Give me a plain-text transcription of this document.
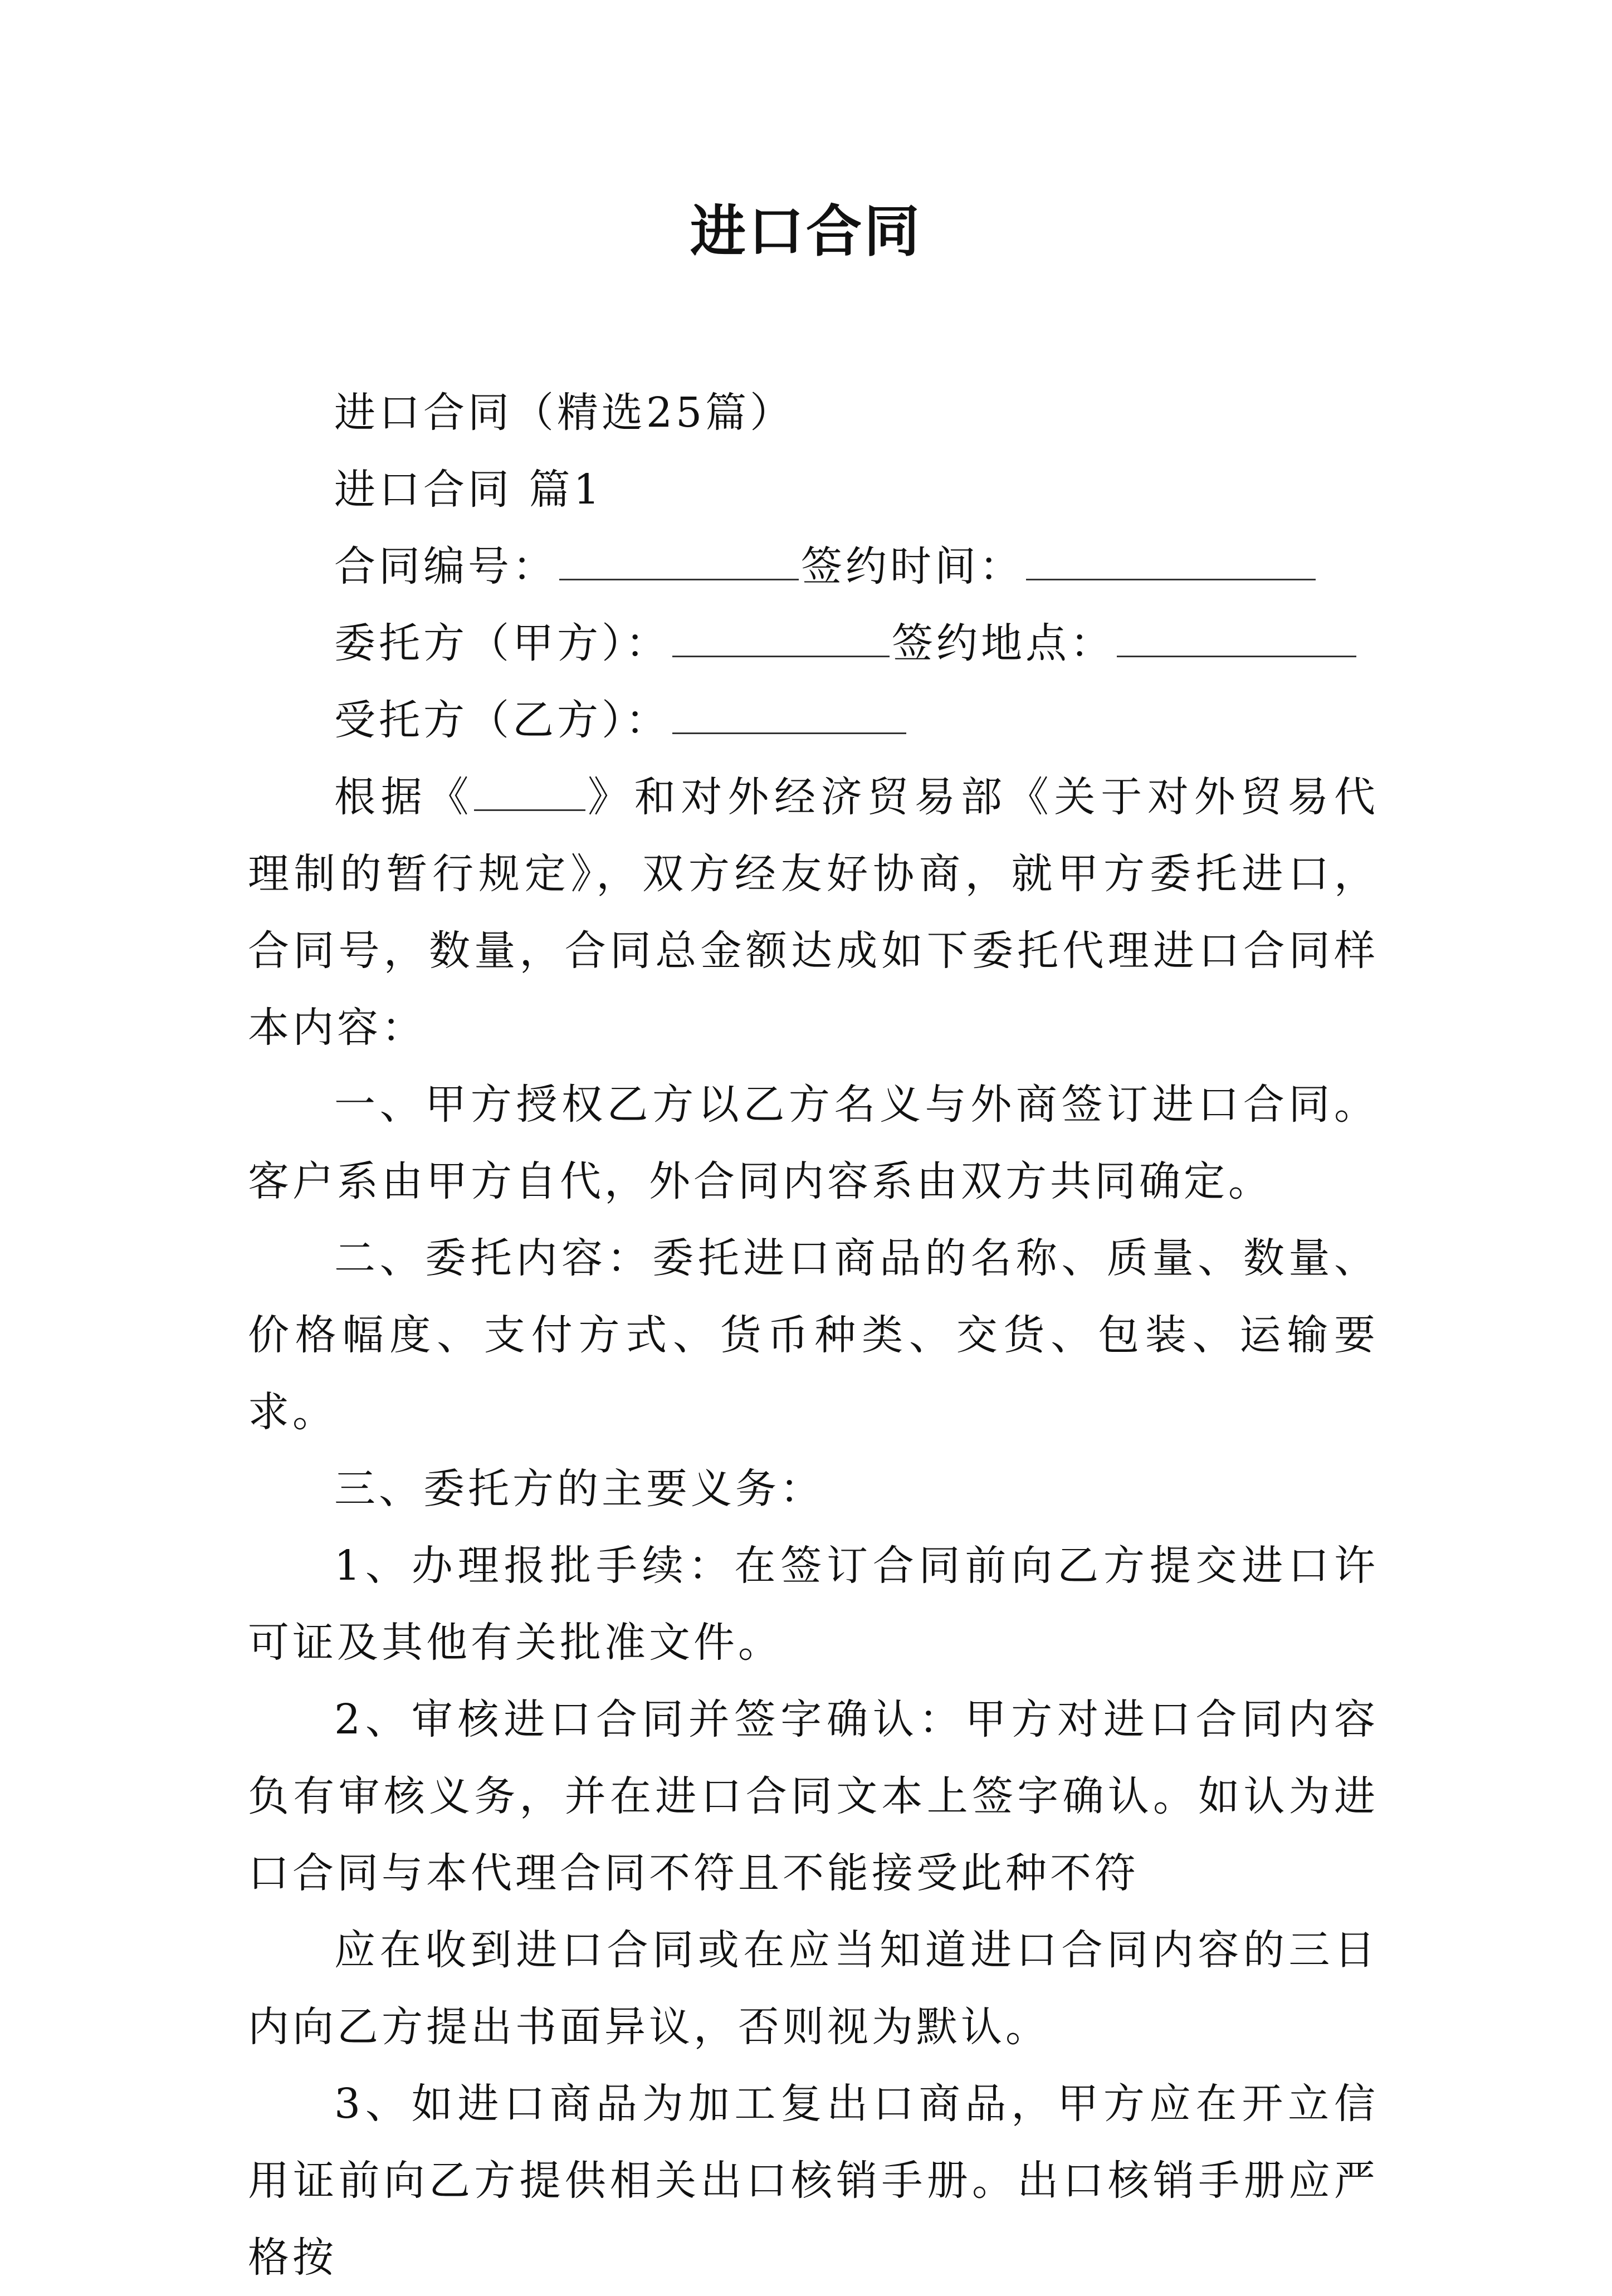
进口合同

进口合同（精选25篇）

进口合同 篇1

合同编号：	签约时间：

委托方（甲方）：	签约地点：

受托方（乙方）：

根据《	》和对外经济贸易部《关于对外贸易代理制的暂行规定》，双方经友好协商，就甲方委托进口，合同号，数量，合同总金额达成如下委托代理进口合同样本内容：

一、甲方授权乙方以乙方名义与外商签订进口合同。客户系由甲方自代，外合同内容系由双方共同确定。

二、委托内容：委托进口商品的名称、质量、数量、价格幅度、支付方式、货币种类、交货、包装、运输要求。

三、委托方的主要义务：

1、办理报批手续：在签订合同前向乙方提交进口许可证及其他有关批准文件。

2、审核进口合同并签字确认：甲方对进口合同内容负有审核义务，并在进口合同文本上签字确认。如认为进口合同与本代理合同不符且不能接受此种不符

应在收到进口合同或在应当知道进口合同内容的三日内向乙方提出书面异议，否则视为默认。

3、如进口商品为加工复出口商品，甲方应在开立信用证前向乙方提供相关出口核销手册。出口核销手册应严格按
